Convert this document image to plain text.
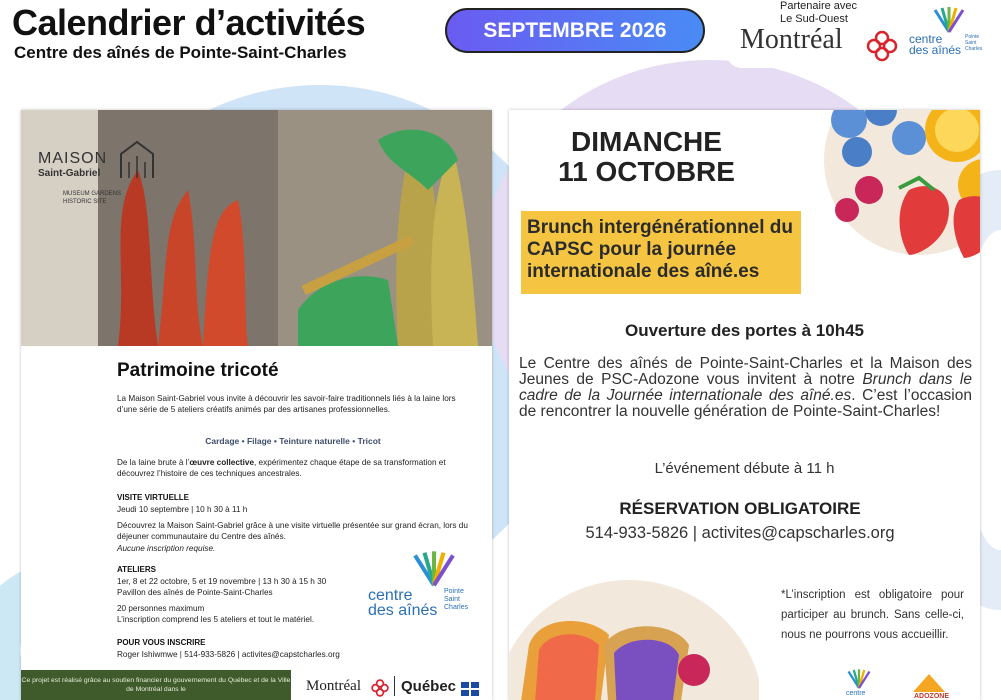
Calendrier d’activités
Centre des aînés de Pointe-Saint-Charles
SEPTEMBRE 2026
Partenaire avec
Le Sud-Ouest
Montréal	centre
des aînés
Pointe
Saint
Charles
MAISON
Saint-Gabriel
MUSEUM GARDENS HISTORIC SITE
Patrimoine tricoté
La Maison Saint-Gabriel vous invite à découvrir les savoir-faire traditionnels liés à la laine lors d’une série de 5 ateliers créatifs animés par des artisanes professionnelles.
Cardage • Filage • Teinture naturelle • Tricot
De la laine brute à l’œuvre collective, expérimentez chaque étape de sa transformation et découvrez l’histoire de ces techniques ancestrales.
VISITE VIRTUELLE
Jeudi 10 septembre | 10 h 30 à 11 h
Découvrez la Maison Saint-Gabriel grâce à une visite virtuelle présentée sur grand écran, lors du déjeuner communautaire du Centre des aînés.
Aucune inscription requise.
ATELIERS
1er, 8 et 22 octobre, 5 et 19 novembre | 13 h 30 à 15 h 30
Pavillon des aînés de Pointe-Saint-Charles
20 personnes maximum
L’inscription comprend les 5 ateliers et tout le matériel.
POUR VOUS INSCRIRE
Roger Ishiwmwe | 514-933-5826 | activites@capstcharles.org
centre
des aînés
Pointe
Saint
Charles
Ce projet est réalisé grâce au soutien financier du gouvernement du Québec et de la Ville de Montréal dans le	Montréal	Québec
DIMANCHE
11 OCTOBRE
Brunch intergénérationnel du CAPSC pour la journée internationale des aîné.es
Ouverture des portes à 10h45
Le Centre des aînés de Pointe-Saint-Charles et la Maison des Jeunes de PSC-Adozone vous invitent à notre Brunch dans le cadre de la Journée internationale des aîné.es. C’est l’occasion de rencontrer la nouvelle génération de Pointe-Saint-Charles!
L’événement débute à 11 h
RÉSERVATION OBLIGATOIRE
514-933-5826 | activites@capscharles.org
*L’inscription est obligatoire pour participer au brunch. Sans celle-ci, nous ne pourrons vous accueillir.
centre	ADOZONE
